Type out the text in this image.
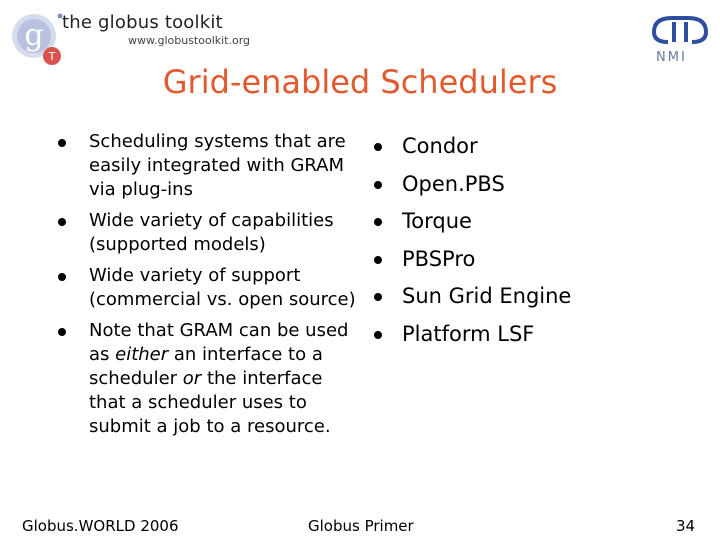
g
T
the globus toolkit
www.globustoolkit.org
NMI
Grid-enabled Schedulers
Scheduling systems that are easily integrated with GRAM via plug-ins
Wide variety of capabilities (supported models)
Wide variety of support (commercial vs. open source)
Note that GRAM can be used as either an interface to a scheduler or the interface that a scheduler uses to submit a job to a resource.
Condor
Open.PBS
Torque
PBSPro
Sun Grid Engine
Platform LSF
Globus.WORLD 2006	Globus Primer	34
